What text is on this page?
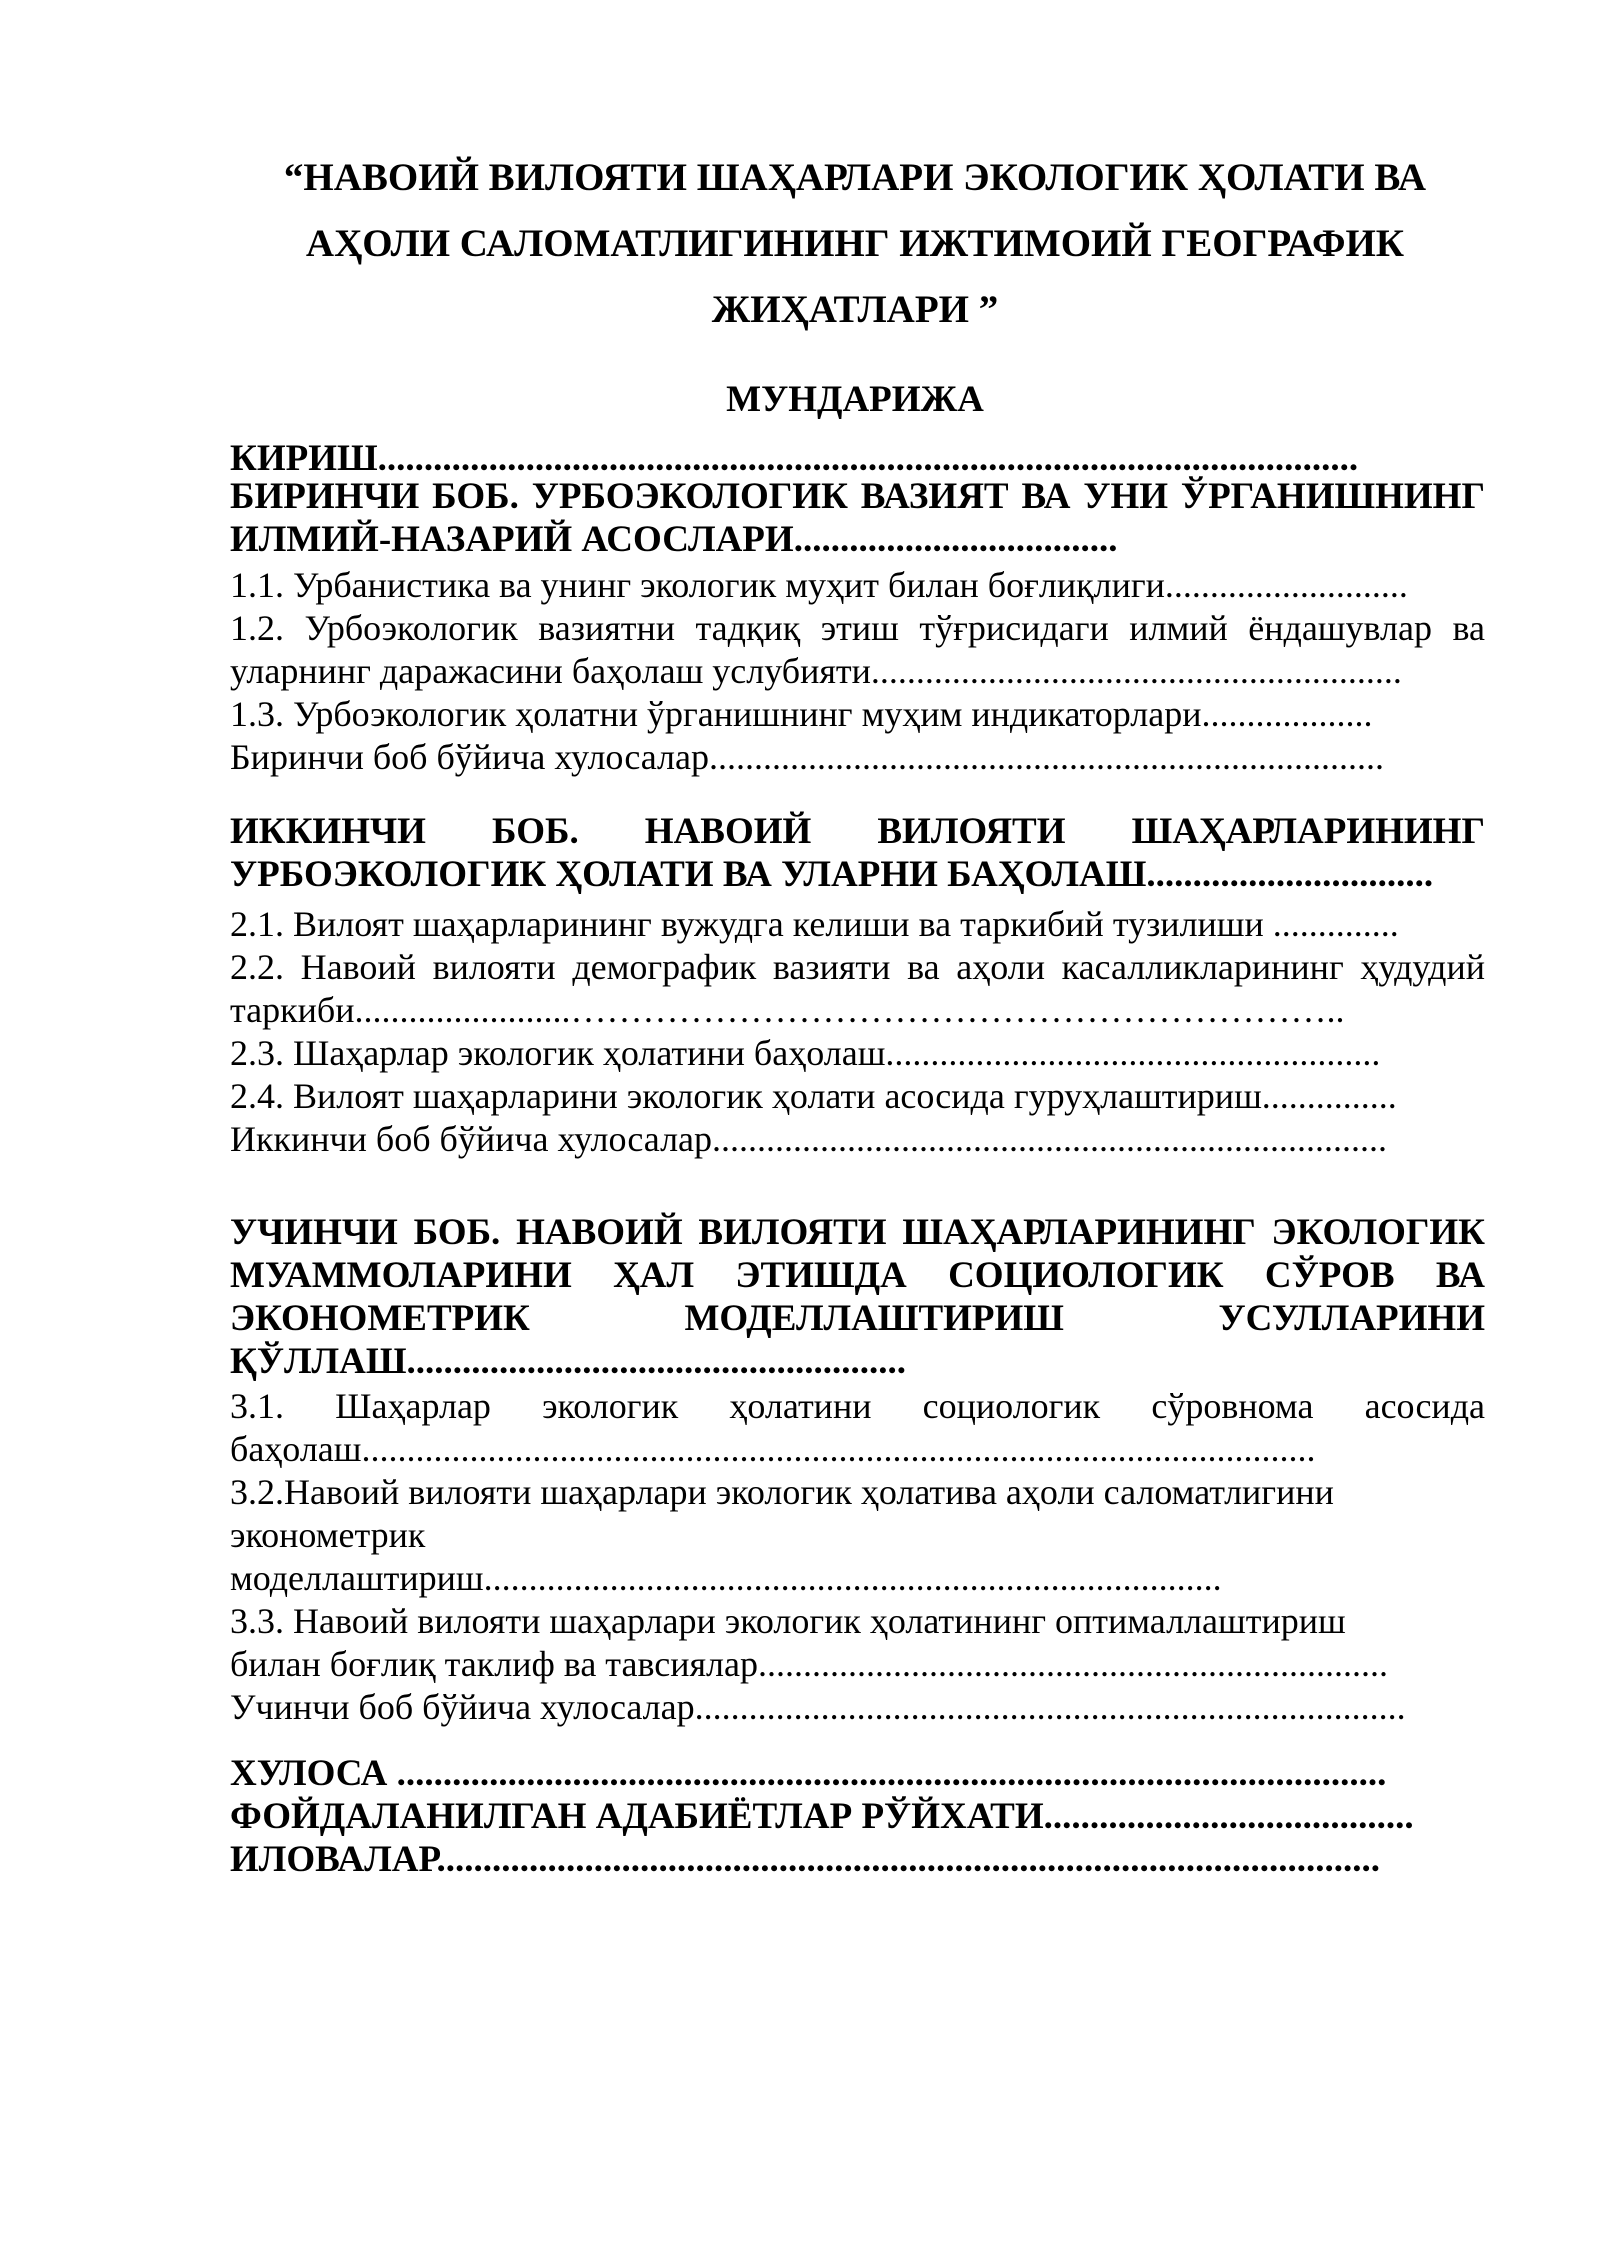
“НАВОИЙ ВИЛОЯТИ ШАҲАРЛАРИ ЭКОЛОГИК ҲОЛАТИ ВА
АҲОЛИ САЛОМАТЛИГИНИНГ ИЖТИМОИЙ ГЕОГРАФИК
ЖИҲАТЛАРИ ”
МУНДАРИЖА
КИРИШ..........................................................................................................
БИРИНЧИ БОБ. УРБОЭКОЛОГИК ВАЗИЯТ ВА УНИ ЎРГАНИШНИНГ
ИЛМИЙ-НАЗАРИЙ АСОСЛАРИ...................................
1.1. Урбанистика ва унинг экологик муҳит билан боғлиқлиги...........................
1.2. Урбоэкологик вазиятни тадқиқ этиш тўғрисидаги илмий ёндашувлар ва
уларнинг даражасини баҳолаш услубияти...........................................................
1.3. Урбоэкологик ҳолатни ўрганишнинг муҳим индикаторлари...................
Биринчи боб бўйича хулосалар...........................................................................
ИККИНЧИ БОБ. НАВОИЙ ВИЛОЯТИ ШАҲАРЛАРИНИНГ
УРБОЭКОЛОГИК ҲОЛАТИ ВА УЛАРНИ БАҲОЛАШ...............................
2.1. Вилоят шаҳарларининг вужудга келиши ва таркибий тузилиши ..............
2.2. Навоий вилояти демографик вазияти ва аҳоли касалликларининг ҳудудий
таркиби........................………………………………………………………..
2.3. Шаҳарлар экологик ҳолатини баҳолаш.......................................................
2.4. Вилоят шаҳарларини экологик ҳолати асосида гуруҳлаштириш...............
Иккинчи боб бўйича хулосалар...........................................................................
УЧИНЧИ БОБ. НАВОИЙ ВИЛОЯТИ ШАҲАРЛАРИНИНГ ЭКОЛОГИК
МУАММОЛАРИНИ ҲАЛ ЭТИШДА СОЦИОЛОГИК СЎРОВ ВА
ЭКОНОМЕТРИК МОДЕЛЛАШТИРИШ УСУЛЛАРИНИ
ҚЎЛЛАШ......................................................
3.1. Шаҳарлар экологик ҳолатини социологик сўровнома асосида
баҳолаш..........................................................................................................
3.2.Навоий вилояти шаҳарлари экологик ҳолатива аҳоли саломатлигини
эконометрик
моделлаштириш..................................................................................
3.3. Навоий вилояти шаҳарлари экологик ҳолатининг оптималлаштириш
билан боғлиқ таклиф ва тавсиялар......................................................................
Учинчи боб бўйича хулосалар...............................................................................
ХУЛОСА ...........................................................................................................
ФОЙДАЛАНИЛГАН АДАБИЁТЛАР РЎЙХАТИ........................................
ИЛОВАЛАР......................................................................................................
